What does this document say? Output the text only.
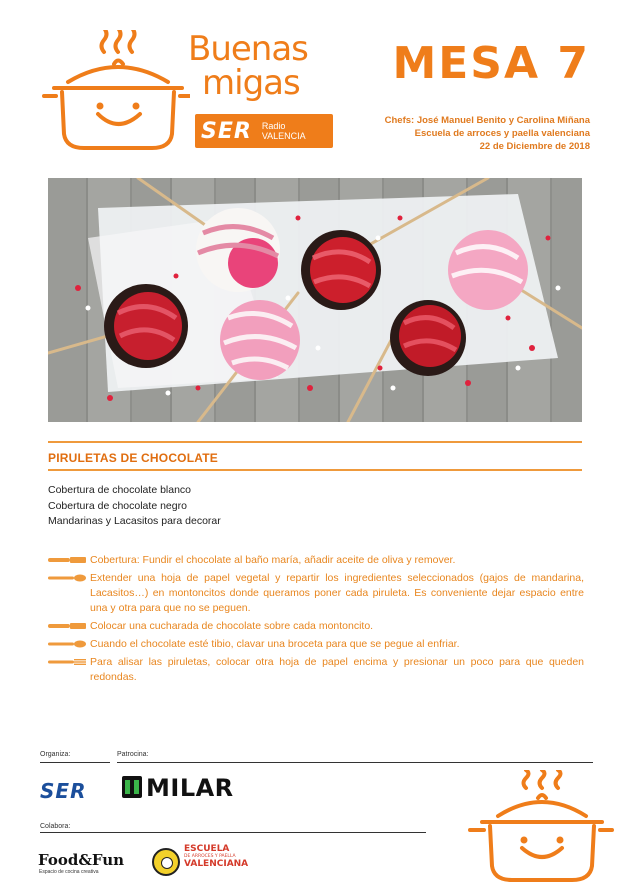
Buenas
migas
SER Radio
VALENCIA
MESA 7
Chefs: José Manuel Benito y Carolina Miñana
Escuela de arroces y paella valenciana
22 de Diciembre de 2018
PIRULETAS DE CHOCOLATE
Cobertura de chocolate blanco
Cobertura de chocolate negro
Mandarinas y Lacasitos para decorar
Cobertura: Fundir el chocolate al baño maría, añadir aceite de oliva y remover.
Extender una hoja de papel vegetal y repartir los ingredientes seleccionados (gajos de mandarina, Lacasitos…) en montoncitos donde queramos poner cada piruleta. Es conveniente dejar espacio entre una y otra para que no se peguen.
Colocar una cucharada de chocolate sobre cada montoncito.
Cuando el chocolate esté tibio, clavar una broceta para que se pegue al enfriar.
Para alisar las piruletas, colocar otra hoja de papel encima y presionar un poco para que queden redondas.
Organiza:	Patrocina:
SER MILAR
Colabora:
Food&Fun
Espacio de cocina creativa
ESCUELA
DE ARROCES Y PAELLA
VALENCIANA
